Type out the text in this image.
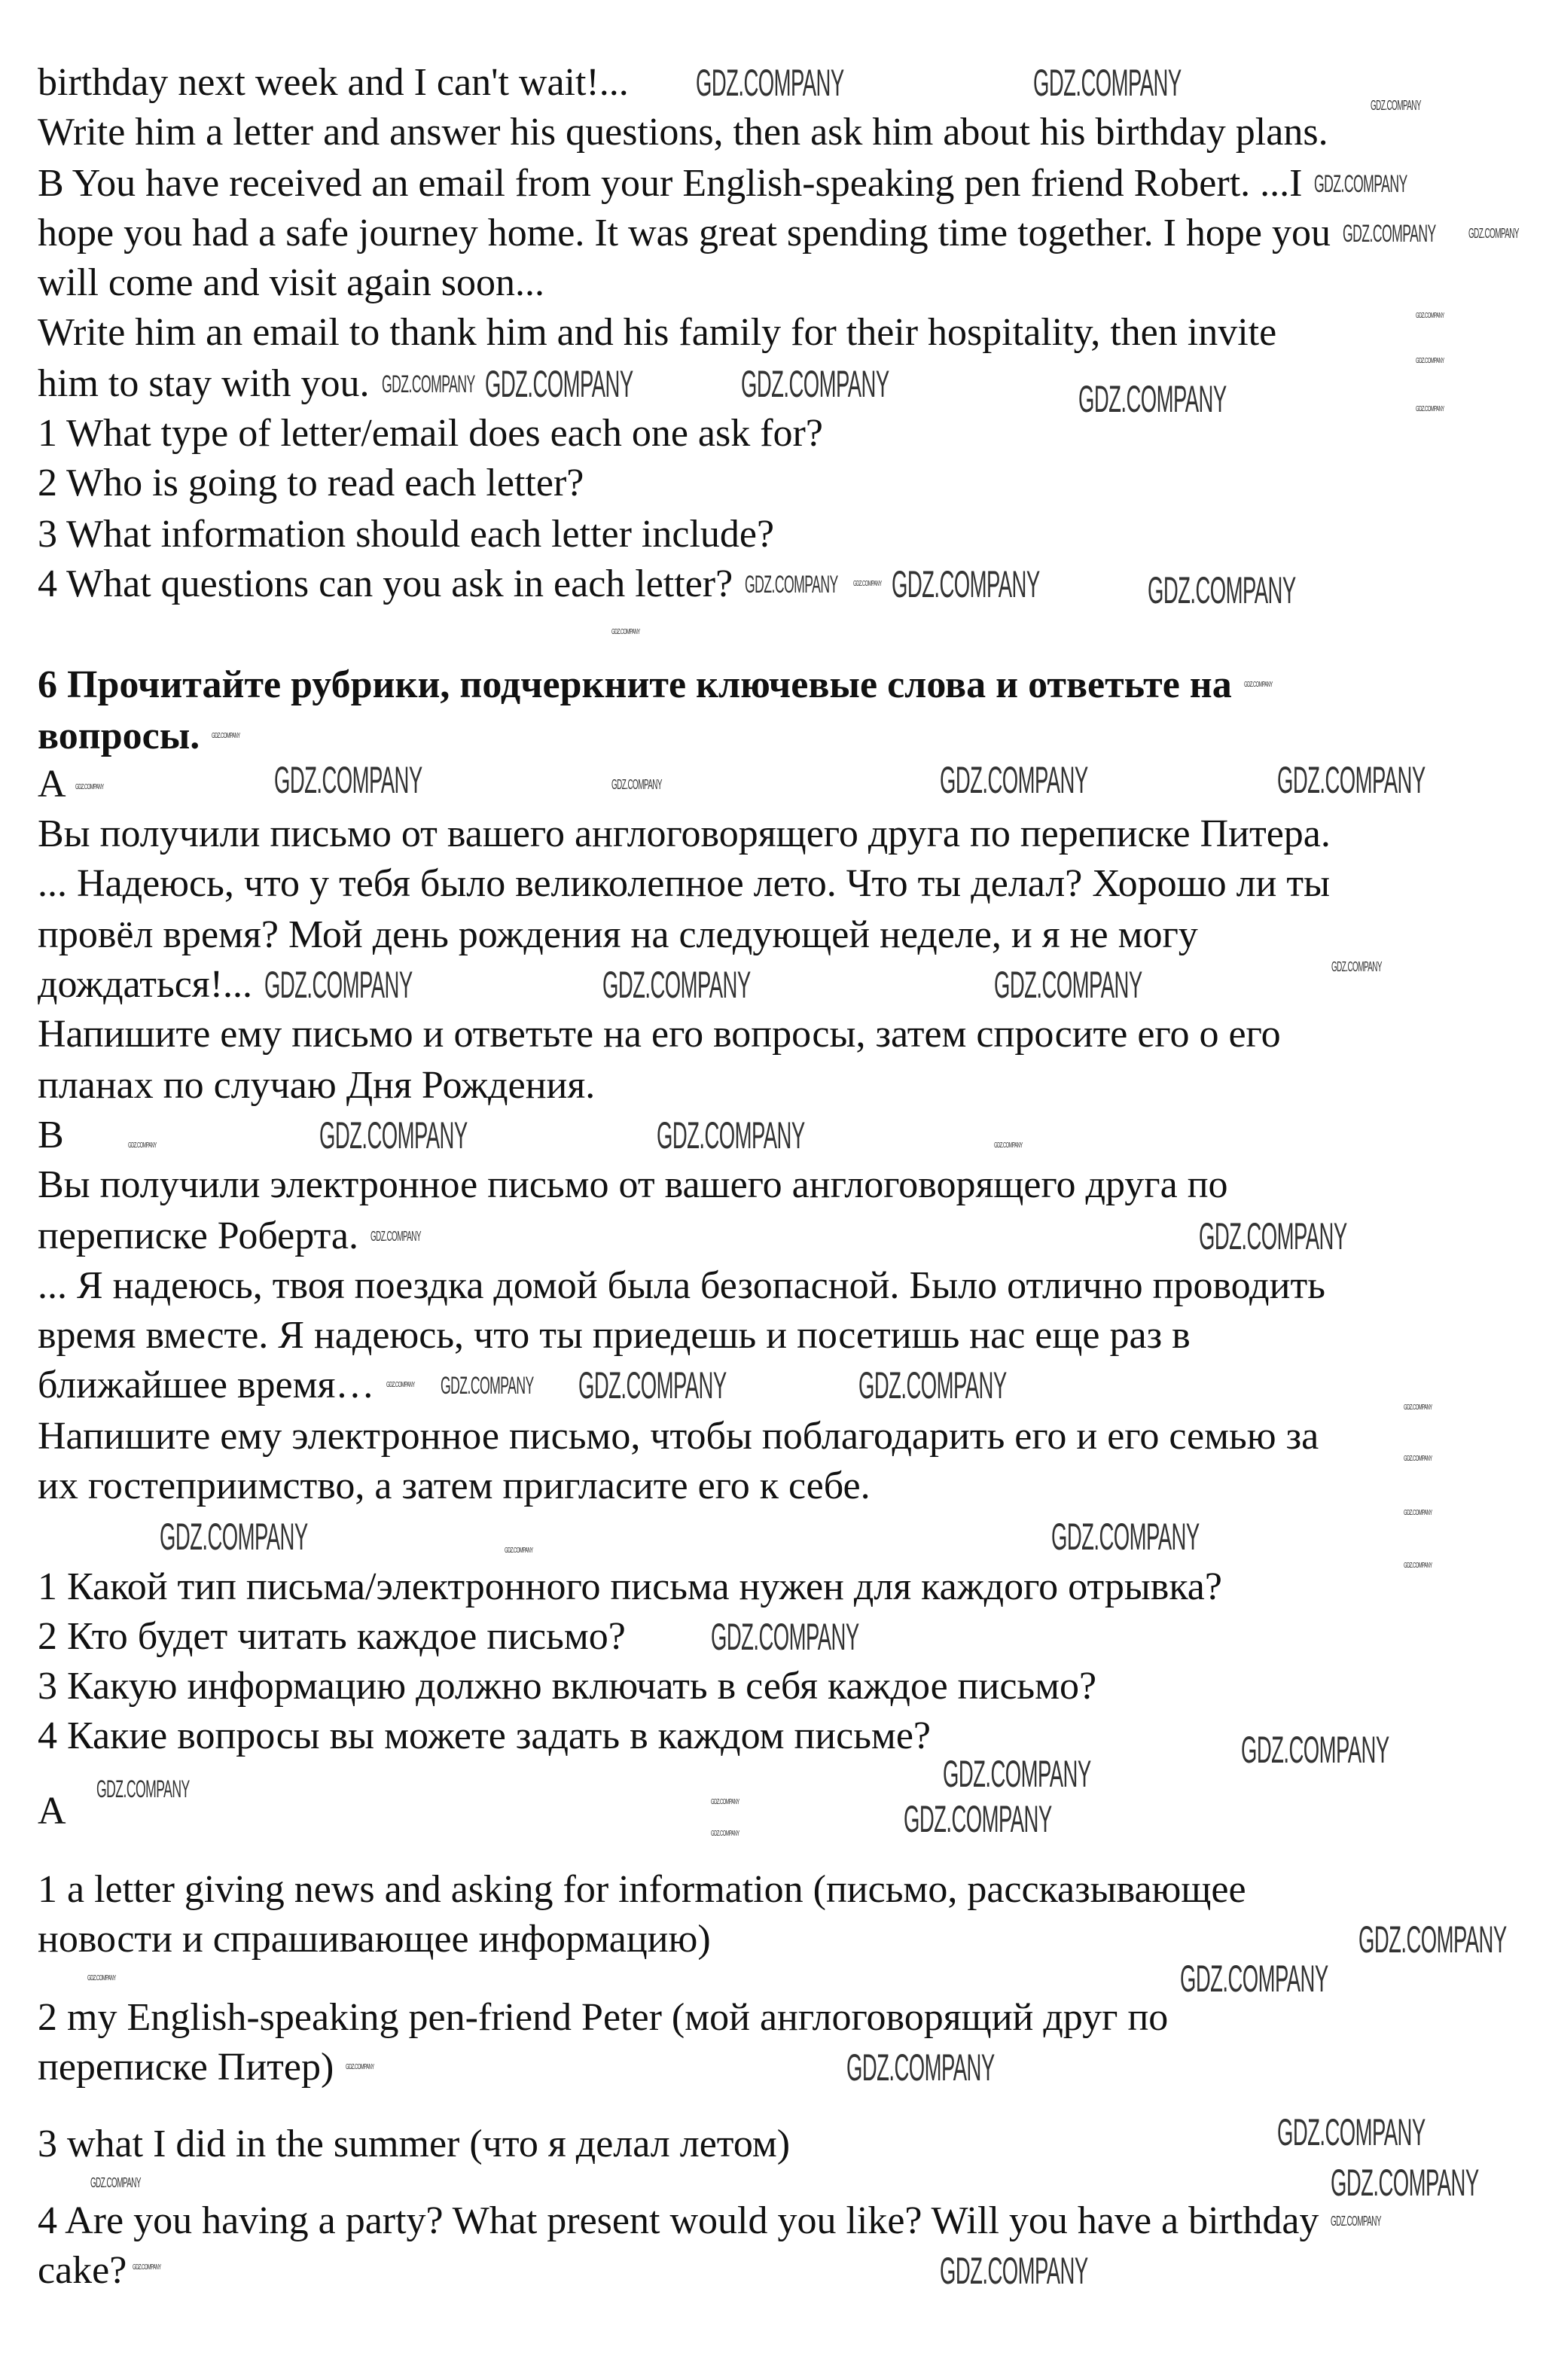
birthday next week and I can't wait!...
Write him a letter and answer his questions, then ask him about his birthday plans.
B You have received an email from your English-speaking pen friend Robert. ...I
hope you had a safe journey home. It was great spending time together. I hope you
will come and visit again soon...
Write him an email to thank him and his family for their hospitality, then invite
him to stay with you.
1 What type of letter/email does each one ask for?
2 Who is going to read each letter?
3 What information should each letter include?
4 What questions can you ask in each letter?
6 Прочитайте рубрики, подчеркните ключевые слова и ответьте на
вопросы.
A
Вы получили письмо от вашего англоговорящего друга по переписке Питера.
... Надеюсь, что у тебя было великолепное лето. Что ты делал? Хорошо ли ты
провёл время? Мой день рождения на следующей неделе, и я не могу
дождаться!...
Напишите ему письмо и ответьте на его вопросы, затем спросите его о его
планах по случаю Дня Рождения.
B
Вы получили электронное письмо от вашего англоговорящего друга по
переписке Роберта.
... Я надеюсь, твоя поездка домой была безопасной. Было отлично проводить
время вместе. Я надеюсь, что ты приедешь и посетишь нас еще раз в
ближайшее время…
Напишите ему электронное письмо, чтобы поблагодарить его и его семью за
их гостеприимство, а затем пригласите его к себе.
1 Какой тип письма/электронного письма нужен для каждого отрывка?
2 Кто будет читать каждое письмо?
3 Какую информацию должно включать в себя каждое письмо?
4 Какие вопросы вы можете задать в каждом письме?
A
1 a letter giving news and asking for information (письмо, рассказывающее
новости и спрашивающее информацию)
2 my English-speaking pen-friend Peter (мой англоговорящий друг по
переписке Питер)
3 what I did in the summer (что я делал летом)
4 Are you having a party? What present would you like? Will you have a birthday
cake?
GDZ.COMPANY	GDZ.COMPANY
GDZ.COMPANY
GDZ.COMPANY
GDZ.COMPANY
GDZ.COMPANY
GDZ.COMPANY GDZ.COMPANY	GDZ.COMPANY	GDZ.COMPANY
GDZ.COMPANY
GDZ.COMPANY
GDZ.COMPANY
GDZ.COMPANY GDZ.COMPANY	GDZ.COMPANY
GDZ.COMPANY
GDZ.COMPANY
GDZ.COMPANY
GDZ.COMPANY
GDZ.COMPANY	GDZ.COMPANY	GDZ.COMPANY	GDZ.COMPANY
GDZ.COMPANY
GDZ.COMPANY	GDZ.COMPANY	GDZ.COMPANY	GDZ.COMPANY
GDZ.COMPANY	GDZ.COMPANY	GDZ.COMPANY	GDZ.COMPANY
GDZ.COMPANY	GDZ.COMPANY
GDZ.COMPANY GDZ.COMPANY GDZ.COMPANY	GDZ.COMPANY
GDZ.COMPANY
GDZ.COMPANY
GDZ.COMPANY
GDZ.COMPANY	GDZ.COMPANY	GDZ.COMPANY
GDZ.COMPANY
GDZ.COMPANY
GDZ.COMPANY
GDZ.COMPANY
GDZ.COMPANY	GDZ.COMPANY
GDZ.COMPANY	GDZ.COMPANY
GDZ.COMPANY
GDZ.COMPANY
GDZ.COMPANY
GDZ.COMPANY
GDZ.COMPANY
GDZ.COMPANY
GDZ.COMPANY
GDZ.COMPANY
GDZ.COMPANY
GDZ.COMPANY
GDZ.COMPANY
